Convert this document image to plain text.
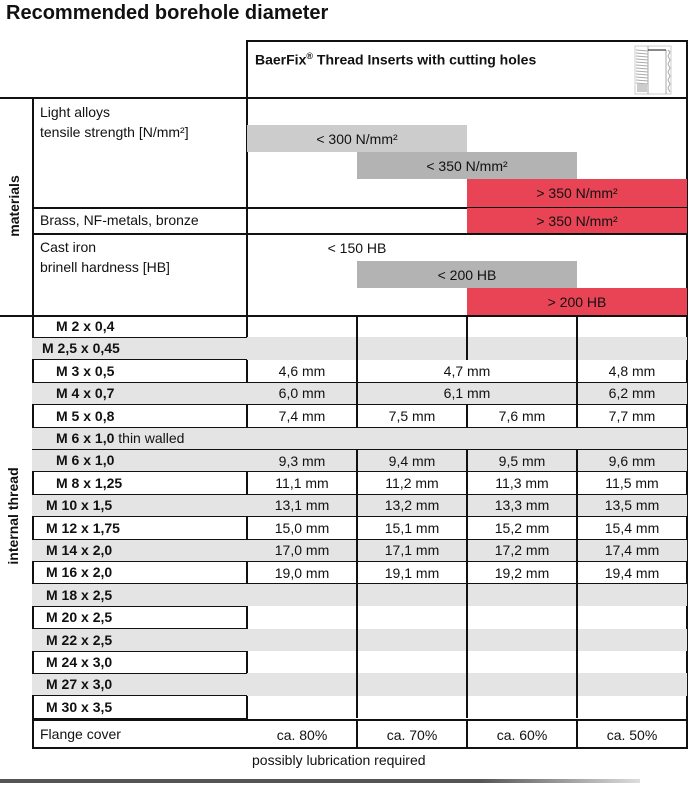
Recommended borehole diameter
BaerFix® Thread Inserts with cutting holes
materials
Light alloys
tensile strength [N/mm²]	< 300 N/mm²
< 350 N/mm²
> 350 N/mm²
Brass, NF-metals, bronze	> 350 N/mm²
Cast iron
brinell hardness [HB]
< 150 HB
< 200 HB
> 200 HB
internal thread
M 2 x 0,4
M 2,5 x 0,45
M 3 x 0,5	4,6 mm	4,7 mm	4,8 mm
M 4 x 0,7	6,0 mm	6,1 mm	6,2 mm
M 5 x 0,8	7,4 mm	7,5 mm	7,6 mm	7,7 mm
M 6 x 1,0 thin walled
M 6 x 1,0	9,3 mm	9,4 mm	9,5 mm	9,6 mm
M 8 x 1,25	11,1 mm	11,2 mm	11,3 mm	11,5 mm
M 10 x 1,5	13,1 mm	13,2 mm	13,3 mm	13,5 mm
M 12 x 1,75	15,0 mm	15,1 mm	15,2 mm	15,4 mm
M 14 x 2,0	17,0 mm	17,1 mm	17,2 mm	17,4 mm
M 16 x 2,0	19,0 mm	19,1 mm	19,2 mm	19,4 mm
M 18 x 2,5
M 20 x 2,5
M 22 x 2,5
M 24 x 3,0
M 27 x 3,0
M 30 x 3,5
Flange cover	ca. 80%	ca. 70%	ca. 60%	ca. 50%
possibly lubrication required
